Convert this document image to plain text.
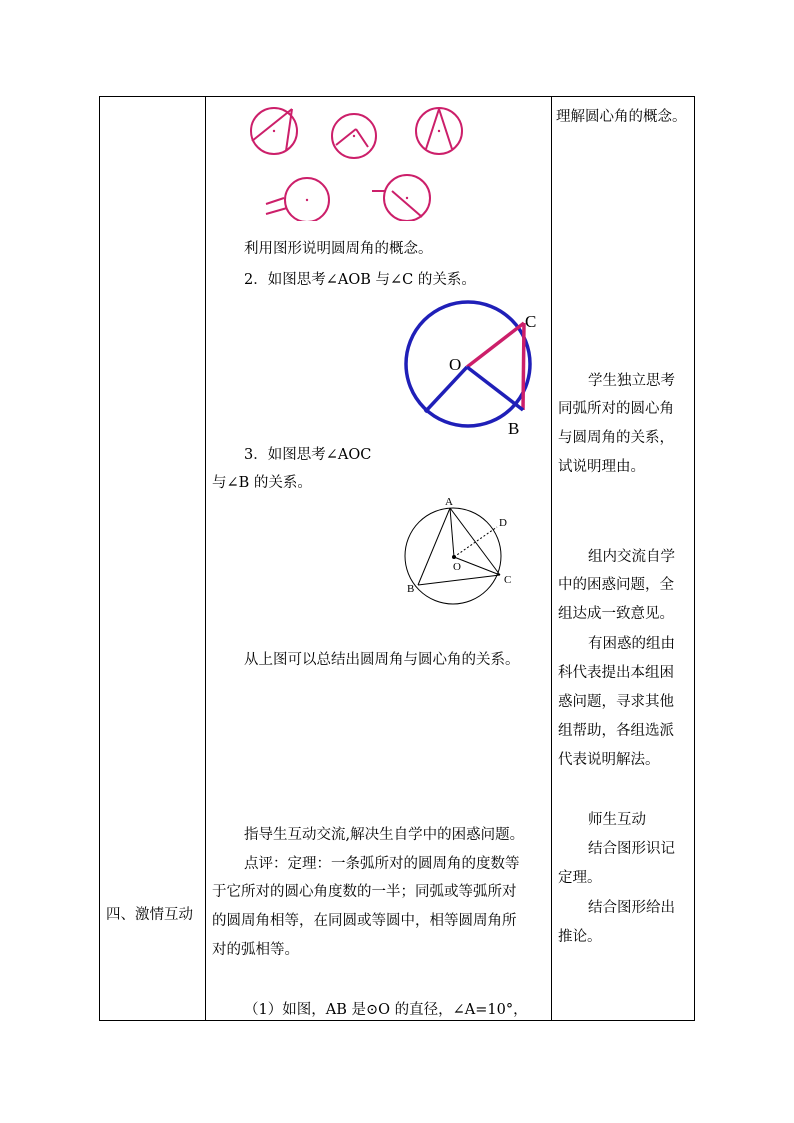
四、激情互动
利用图形说明圆周角的概念。
2．如图思考∠AOB 与∠C 的关系。
C
O
B
3．如图思考∠AOC
与∠B 的关系。
A
D
O
B
C
从上图可以总结出圆周角与圆心角的关系。
指导生互动交流,解决生自学中的困惑问题。
点评：定理：一条弧所对的圆周角的度数等
于它所对的圆心角度数的一半；同弧或等弧所对
的圆周角相等，在同圆或等圆中，相等圆周角所
对的弧相等。
（1）如图，AB 是⊙O 的直径，∠A=10°，
理解圆心角的概念。
学生独立思考
同弧所对的圆心角
与圆周角的关系，
试说明理由。
组内交流自学
中的困惑问题，全
组达成一致意见。
有困惑的组由
科代表提出本组困
惑问题，寻求其他
组帮助，各组选派
代表说明解法。
师生互动
结合图形识记
定理。
结合图形给出
推论。
